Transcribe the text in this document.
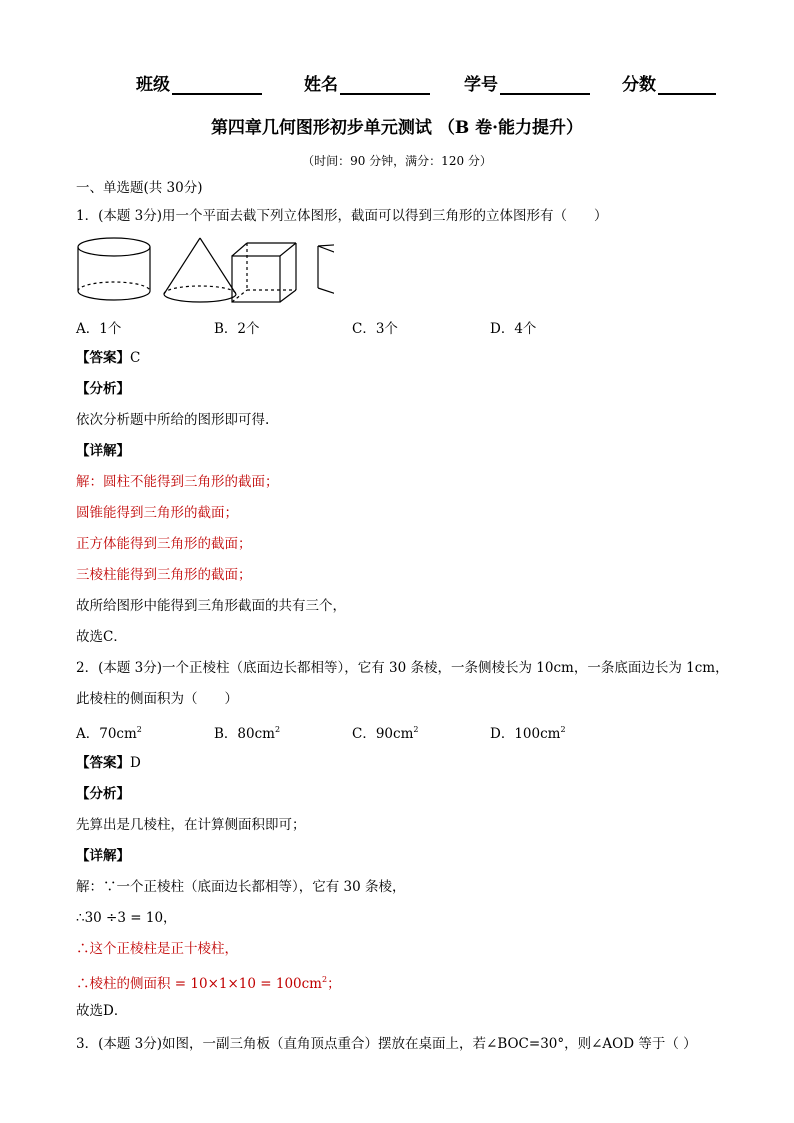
班级	姓名	学号	分数
第四章几何图形初步单元测试 （B 卷·能力提升）
（时间：90 分钟，满分：120 分）
一、单选题(共 30分)
1．(本题 3分)用一个平面去截下列立体图形，截面可以得到三角形的立体图形有（　　）
A．1个	B．2个	C．3个	D．4个
【答案】C
【分析】
依次分析题中所给的图形即可得.
【详解】
解：圆柱不能得到三角形的截面；
圆锥能得到三角形的截面；
正方体能得到三角形的截面；
三棱柱能得到三角形的截面；
故所给图形中能得到三角形截面的共有三个，
故选C．
2．(本题 3分)一个正棱柱（底面边长都相等），它有 30 条棱，一条侧棱长为 10cm，一条底面边长为 1cm，
此棱柱的侧面积为（　　）
A．$70cm^2$	B．$80cm^2$	C．$90cm^2$	D．$100cm^2$
【答案】D
【分析】
先算出是几棱柱，在计算侧面积即可；
【详解】
解：∵一个正棱柱（底面边长都相等），它有 30 条棱，
∴30 ÷3 = 10，
∴这个正棱柱是正十棱柱，
∴棱柱的侧面积 = $10\times 1\times 10 = 100cm^2$；
故选D．
3．(本题 3分)如图，一副三角板（直角顶点重合）摆放在桌面上，若∠BOC=30°，则∠AOD 等于（ ）
